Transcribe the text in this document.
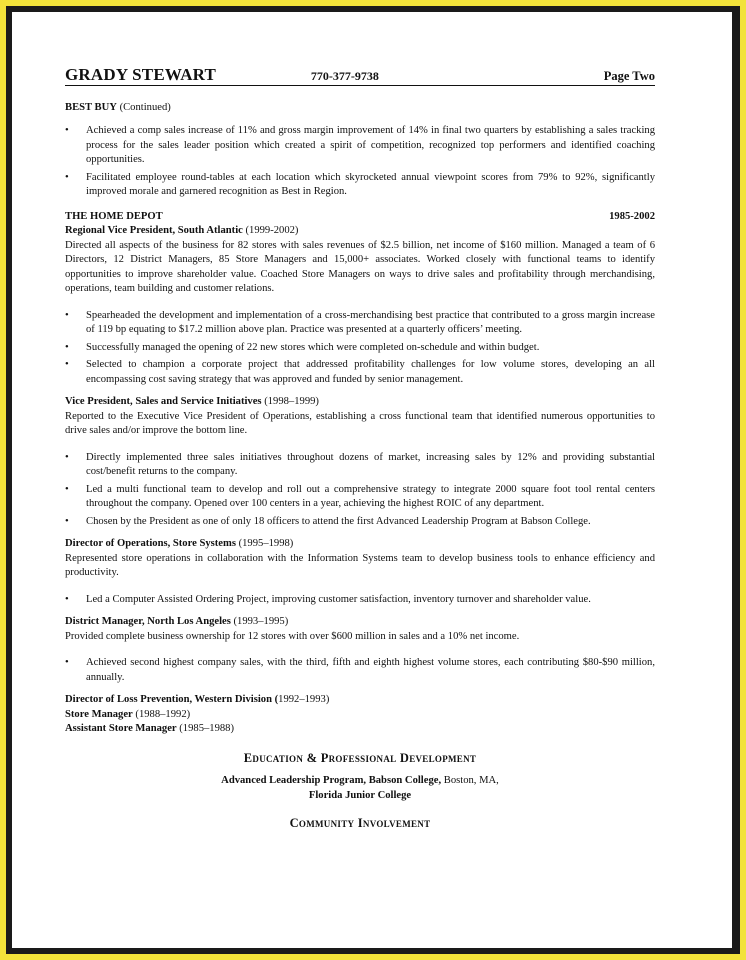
GRADY STEWART	770-377-9738	Page Two

BEST BUY (Continued)

• Achieved a comp sales increase of 11% and gross margin improvement of 14% in final two quarters by establishing a sales tracking process for the sales leader position which created a spirit of competition, recognized top performers and identified coaching opportunities.
• Facilitated employee round-tables at each location which skyrocketed annual viewpoint scores from 79% to 92%, significantly improved morale and garnered recognition as Best in Region.
THE HOME DEPOT	1985-2002

Regional Vice President, South Atlantic (1999-2002)

Directed all aspects of the business for 82 stores with sales revenues of $2.5 billion, net income of $160 million. Managed a team of 6 Directors, 12 District Managers, 85 Store Managers and 15,000+ associates. Worked closely with functional teams to identify opportunities to improve shareholder value. Coached Store Managers on ways to drive sales and profitability through merchandising, operations, team building and customer relations.

• Spearheaded the development and implementation of a cross-merchandising best practice that contributed to a gross margin increase of 119 bp equating to $17.2 million above plan. Practice was presented at a quarterly officers’ meeting.
• Successfully managed the opening of 22 new stores which were completed on-schedule and within budget.
• Selected to champion a corporate project that addressed profitability challenges for low volume stores, developing an all encompassing cost saving strategy that was approved and funded by senior management.

Vice President, Sales and Service Initiatives (1998–1999)

Reported to the Executive Vice President of Operations, establishing a cross functional team that identified numerous opportunities to drive sales and/or improve the bottom line.

• Directly implemented three sales initiatives throughout dozens of market, increasing sales by 12% and providing substantial cost/benefit returns to the company.
• Led a multi functional team to develop and roll out a comprehensive strategy to integrate 2000 square foot tool rental centers throughout the company. Opened over 100 centers in a year, achieving the highest ROIC of any department.
• Chosen by the President as one of only 18 officers to attend the first Advanced Leadership Program at Babson College.

Director of Operations, Store Systems (1995–1998)

Represented store operations in collaboration with the Information Systems team to develop business tools to enhance efficiency and productivity.

• Led a Computer Assisted Ordering Project, improving customer satisfaction, inventory turnover and shareholder value.

District Manager, North Los Angeles (1993–1995)

Provided complete business ownership for 12 stores with over $600 million in sales and a 10% net income.

• Achieved second highest company sales, with the third, fifth and eighth highest volume stores, each contributing $80-$90 million, annually.

Director of Loss Prevention, Western Division (1992–1993)

Store Manager (1988–1992)

Assistant Store Manager (1985–1988)

Education & Professional Development

Advanced Leadership Program, Babson College, Boston, MA,

Florida Junior College

Community Involvement
